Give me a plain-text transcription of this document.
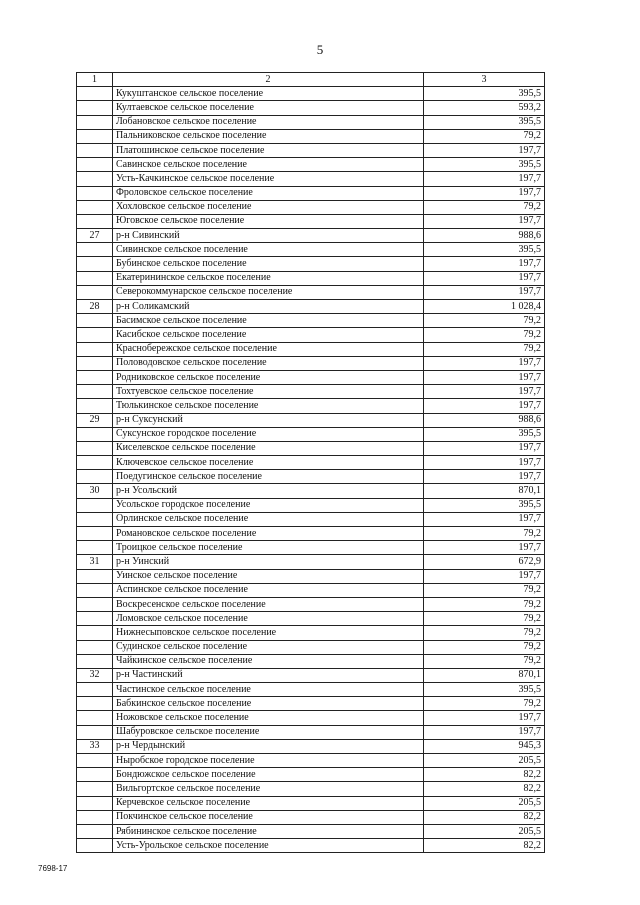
5
1	2	3
	Кукуштанское сельское поселение	395,5
	Култаевское сельское поселение	593,2
	Лобановское сельское поселение	395,5
	Пальниковское сельское поселение	79,2
	Платошинское сельское поселение	197,7
	Савинское сельское поселение	395,5
	Усть-Качкинское сельское поселение	197,7
	Фроловское сельское поселение	197,7
	Хохловское сельское поселение	79,2
	Юговское сельское поселение	197,7
27	р-н Сивинский	988,6
	Сивинское сельское поселение	395,5
	Бубинское сельское поселение	197,7
	Екатерининское сельское поселение	197,7
	Северокоммунарское сельское поселение	197,7
28	р-н Соликамский	1 028,4
	Басимское сельское поселение	79,2
	Касибское сельское поселение	79,2
	Краснобережское сельское поселение	79,2
	Половодовское сельское поселение	197,7
	Родниковское сельское поселение	197,7
	Тохтуевское сельское поселение	197,7
	Тюлькинское сельское поселение	197,7
29	р-н Суксунский	988,6
	Суксунское городское поселение	395,5
	Киселевское сельское поселение	197,7
	Ключевское сельское поселение	197,7
	Поедугинское сельское поселение	197,7
30	р-н Усольский	870,1
	Усольское городское поселение	395,5
	Орлинское сельское поселение	197,7
	Романовское сельское поселение	79,2
	Троицкое сельское поселение	197,7
31	р-н Уинский	672,9
	Уинское сельское поселение	197,7
	Аспинское сельское поселение	79,2
	Воскресенское сельское поселение	79,2
	Ломовское сельское поселение	79,2
	Нижнесыповское сельское поселение	79,2
	Судинское сельское поселение	79,2
	Чайкинское сельское поселение	79,2
32	р-н Частинский	870,1
	Частинское сельское поселение	395,5
	Бабкинское сельское поселение	79,2
	Ножовское сельское поселение	197,7
	Шабуровское сельское поселение	197,7
33	р-н Чердынский	945,3
	Ныробское городское поселение	205,5
	Бондюжское сельское поселение	82,2
	Вильгортское сельское поселение	82,2
	Керчевское сельское поселение	205,5
	Покчинское сельское поселение	82,2
	Рябининское сельское поселение	205,5
	Усть-Урольское сельское поселение	82,2
7698-17
